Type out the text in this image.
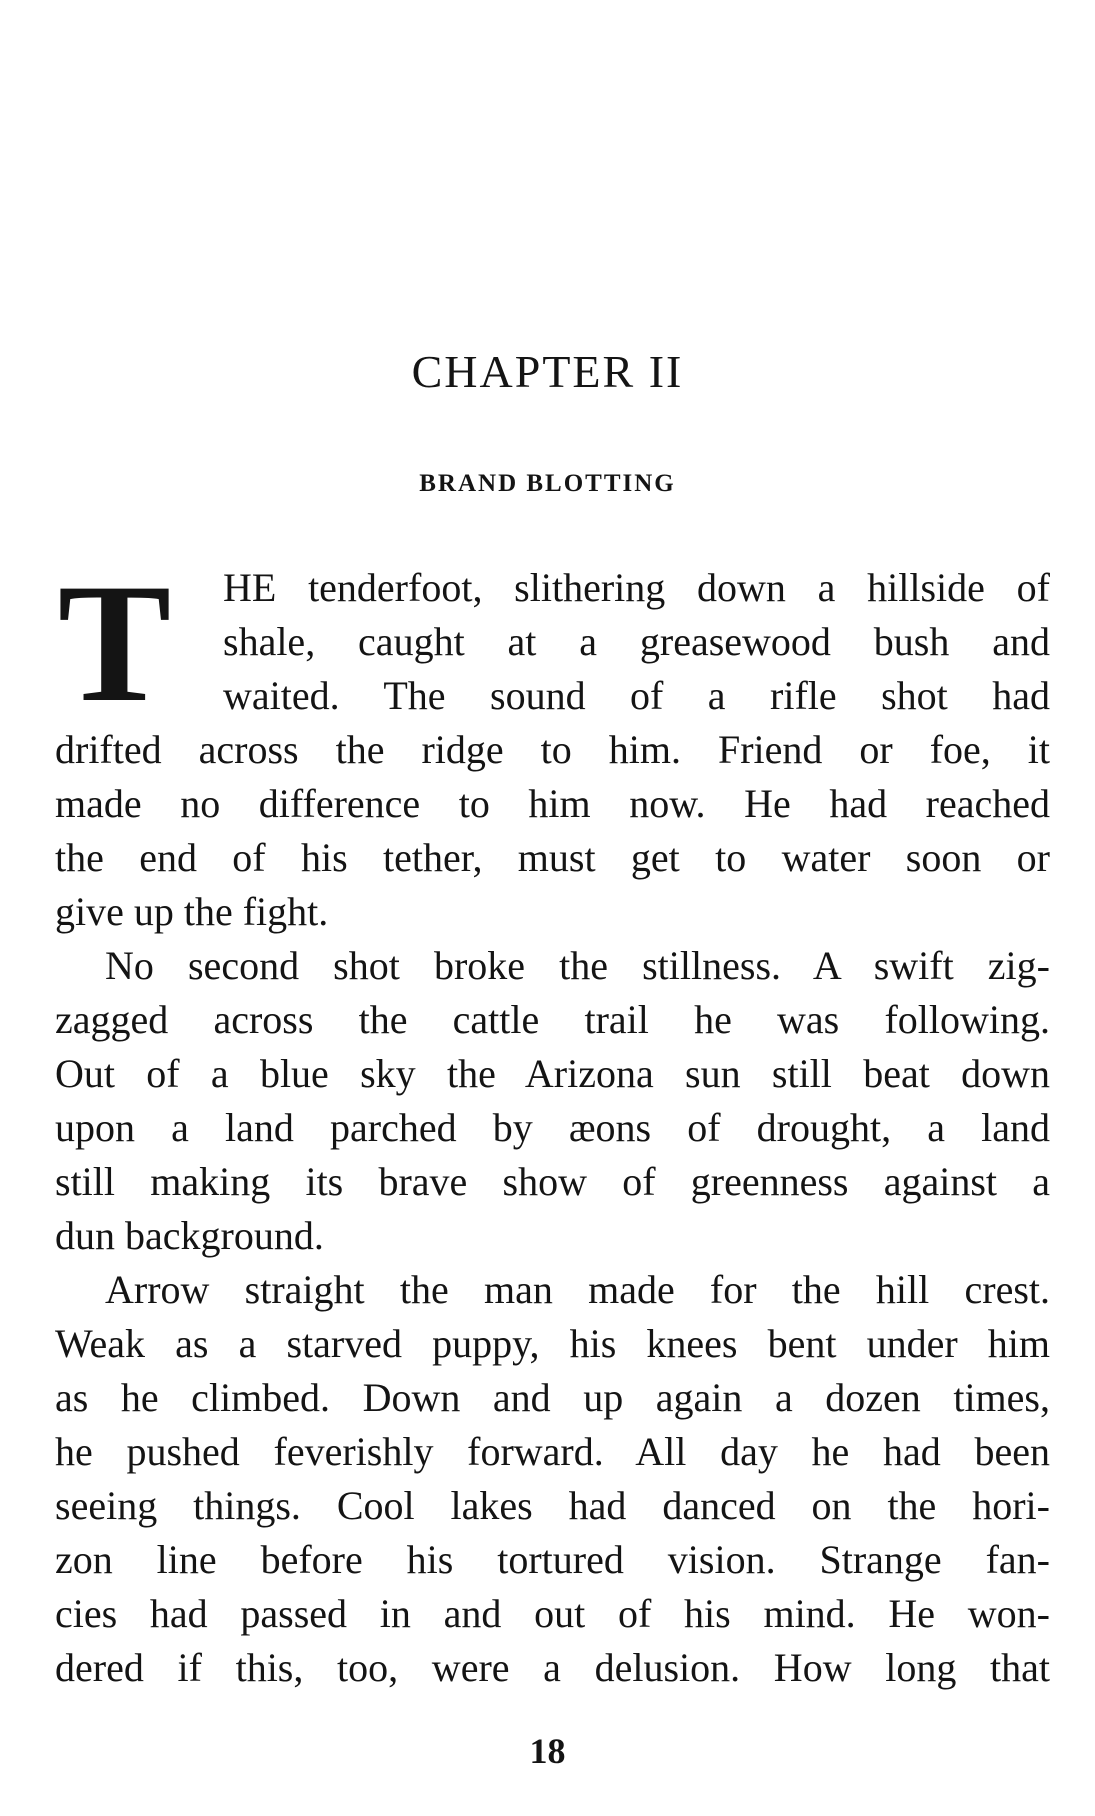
CHAPTER II
BRAND BLOTTING
T HE tenderfoot, slithering down a hillside of
shale, caught at a greasewood bush and
waited. The sound of a rifle shot had
drifted across the ridge to him. Friend or foe, it
made no difference to him now. He had reached
the end of his tether, must get to water soon or
give up the fight.
No second shot broke the stillness. A swift zig-
zagged across the cattle trail he was following.
Out of a blue sky the Arizona sun still beat down
upon a land parched by æons of drought, a land
still making its brave show of greenness against a
dun background.
Arrow straight the man made for the hill crest.
Weak as a starved puppy, his knees bent under him
as he climbed. Down and up again a dozen times,
he pushed feverishly forward. All day he had been
seeing things. Cool lakes had danced on the hori-
zon line before his tortured vision. Strange fan-
cies had passed in and out of his mind. He won-
dered if this, too, were a delusion. How long that
18
